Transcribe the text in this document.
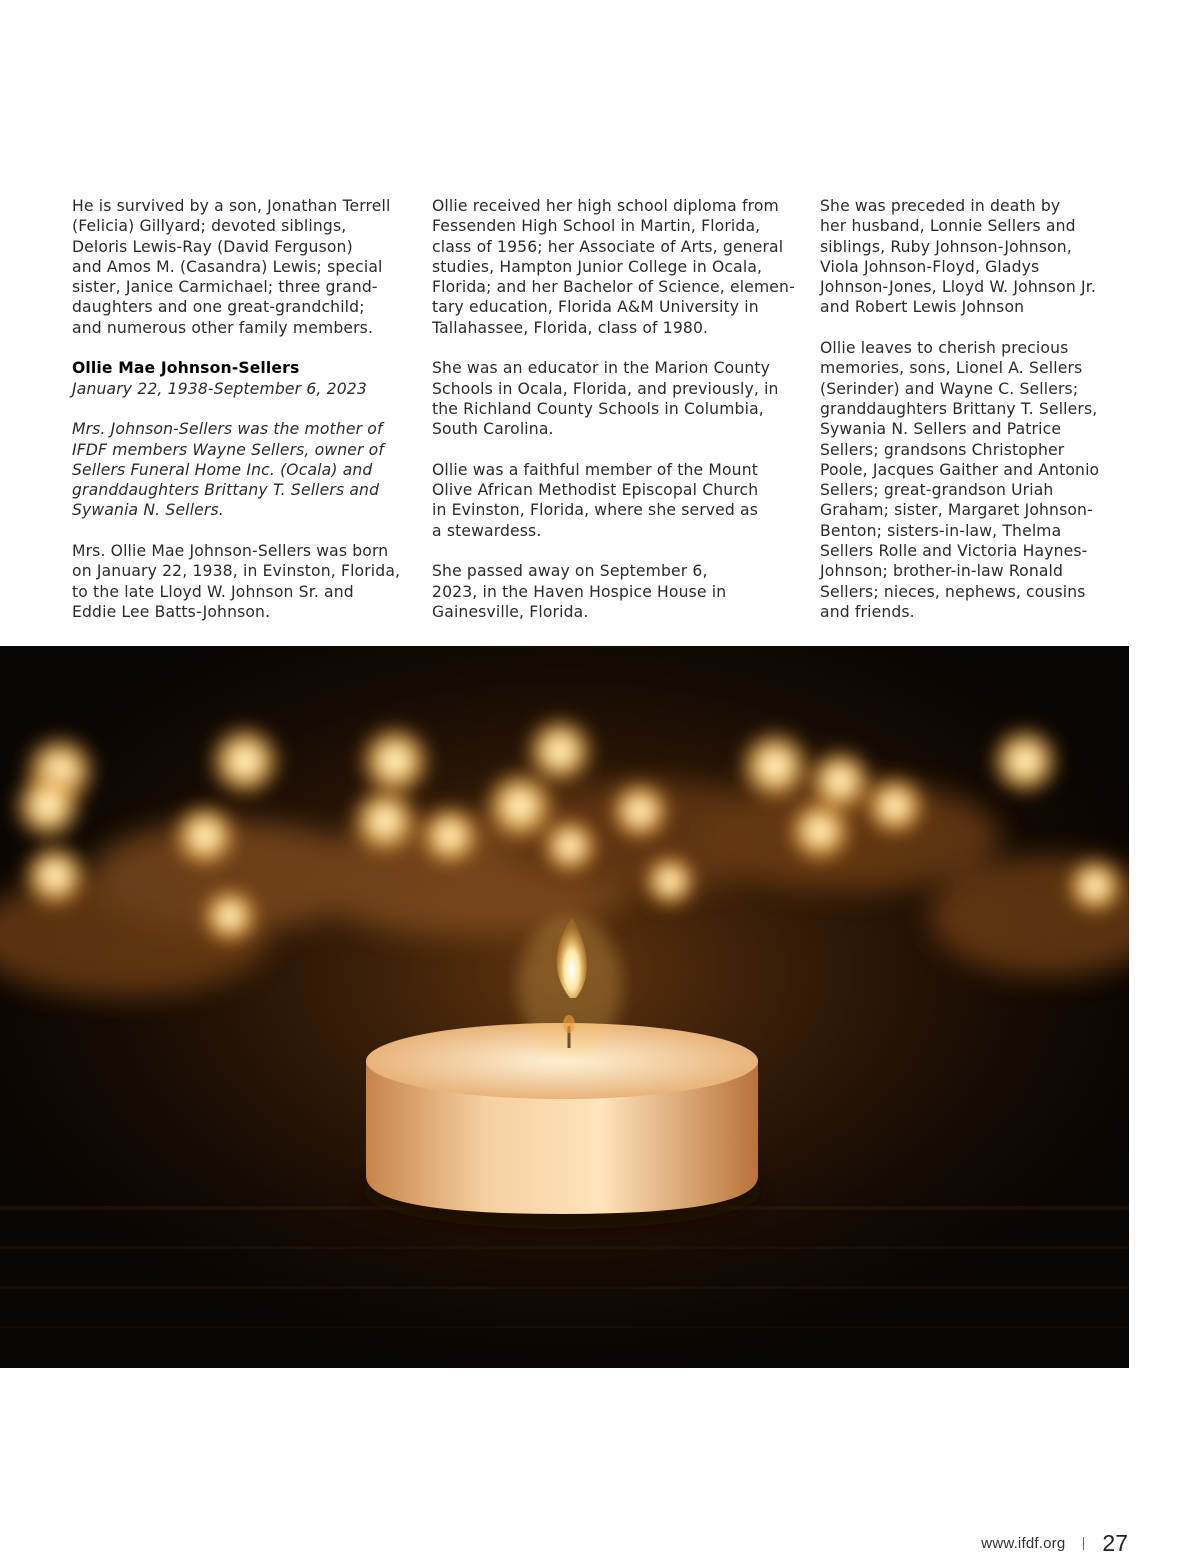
He is survived by a son, Jonathan Terrell
(Felicia) Gillyard; devoted siblings,
Deloris Lewis-Ray (David Ferguson)
and Amos M. (Casandra) Lewis; special
sister, Janice Carmichael; three grand-
daughters and one great-grandchild;
and numerous other family members.

Ollie Mae Johnson-Sellers

January 22, 1938-September 6, 2023

Mrs. Johnson-Sellers was the mother of
IFDF members Wayne Sellers, owner of
Sellers Funeral Home Inc. (Ocala) and
granddaughters Brittany T. Sellers and
Sywania N. Sellers.

Mrs. Ollie Mae Johnson-Sellers was born
on January 22, 1938, in Evinston, Florida,
to the late Lloyd W. Johnson Sr. and
Eddie Lee Batts-Johnson.

Ollie received her high school diploma from
Fessenden High School in Martin, Florida,
class of 1956; her Associate of Arts, general
studies, Hampton Junior College in Ocala,
Florida; and her Bachelor of Science, elemen-
tary education, Florida A&M University in
Tallahassee, Florida, class of 1980.

She was an educator in the Marion County
Schools in Ocala, Florida, and previously, in
the Richland County Schools in Columbia,
South Carolina.

Ollie was a faithful member of the Mount
Olive African Methodist Episcopal Church
in Evinston, Florida, where she served as
a stewardess.

She passed away on September 6,
2023, in the Haven Hospice House in
Gainesville, Florida.

She was preceded in death by
her husband, Lonnie Sellers and
siblings, Ruby Johnson-Johnson,
Viola Johnson-Floyd, Gladys
Johnson-Jones, Lloyd W. Johnson Jr.
and Robert Lewis Johnson

Ollie leaves to cherish precious
memories, sons, Lionel A. Sellers
(Serinder) and Wayne C. Sellers;
granddaughters Brittany T. Sellers,
Sywania N. Sellers and Patrice
Sellers; grandsons Christopher
Poole, Jacques Gaither and Antonio
Sellers; great-grandson Uriah
Graham; sister, Margaret Johnson-
Benton; sisters-in-law, Thelma
Sellers Rolle and Victoria Haynes-
Johnson; brother-in-law Ronald
Sellers; nieces, nephews, cousins
and friends.

www.ifdf.org 27
